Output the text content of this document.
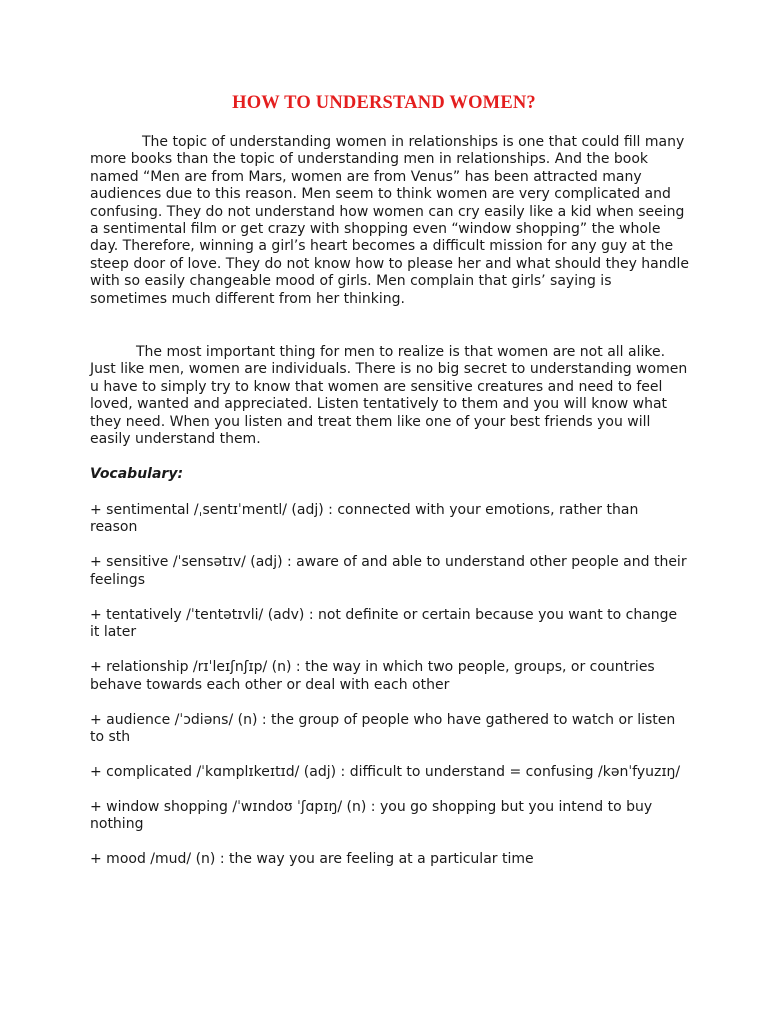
HOW TO UNDERSTAND WOMEN?

The topic of understanding women in relationships is one that could fill many more books than the topic of understanding men in relationships. And the book named “Men are from Mars, women are from Venus” has been attracted many audiences due to this reason. Men seem to think women are very complicated and confusing. They do not understand how women can cry easily like a kid when seeing a sentimental film or get crazy with shopping even “window shopping” the whole day. Therefore, winning a girl’s heart becomes a difficult mission for any guy at the steep door of love. They do not know how to please her and what should they handle with so easily changeable mood of girls. Men complain that girls’ saying is sometimes much different from her thinking.

The most important thing for men to realize is that women are not all alike. Just like men, women are individuals. There is no big secret to understanding women u have to simply try to know that women are sensitive creatures and need to feel loved, wanted and appreciated. Listen tentatively to them and you will know what they need. When you listen and treat them like one of your best friends you will easily understand them.

Vocabulary:

+ sentimental /ˌsentɪˈmentl/ (adj) : connected with your emotions, rather than reason
+ sensitive /ˈsensətɪv/ (adj) : aware of and able to understand other people and their feelings
+ tentatively /ˈtentətɪvli/ (adv) : not definite or certain because you want to change it later
+ relationship /rɪˈleɪʃnʃɪp/ (n) : the way in which two people, groups, or countries behave towards each other or deal with each other
+ audience /ˈɔdiəns/ (n) : the group of people who have gathered to watch or listen to sth
+ complicated /ˈkɑmplɪkeɪtɪd/ (adj) : difficult to understand = confusing /kənˈfyuzɪŋ/
+ window shopping /ˈwɪndoʊ ˈʃɑpɪŋ/ (n) : you go shopping but you intend to buy nothing
+ mood /mud/ (n) : the way you are feeling at a particular time
